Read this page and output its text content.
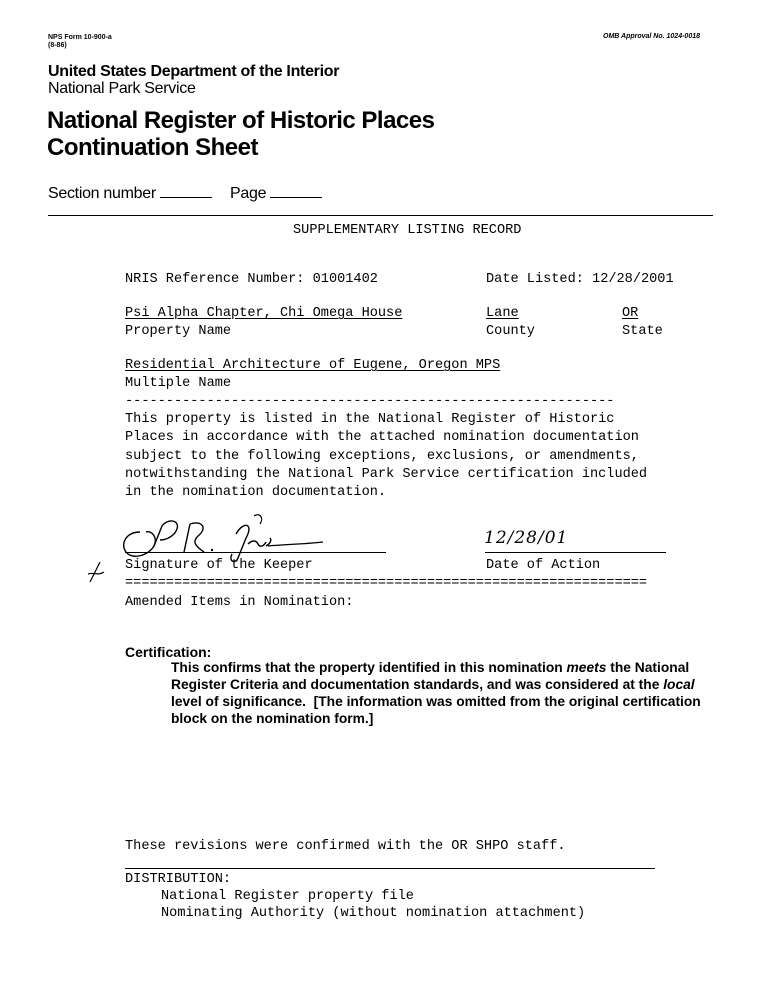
NPS Form 10-900-a
(8-86)
OMB Approval No. 1024-0018
United States Department of the Interior
National Park Service
National Register of Historic Places
Continuation Sheet
Section number	Page
SUPPLEMENTARY LISTING RECORD
NRIS Reference Number: 01001402	Date Listed: 12/28/2001
Psi Alpha Chapter, Chi Omega House	Lane	OR
Property Name	County	State
Residential Architecture of Eugene, Oregon MPS
Multiple Name
------------------------------------------------------------
This property is listed in the National Register of Historic
Places in accordance with the attached nomination documentation
subject to the following exceptions, exclusions, or amendments,
notwithstanding the National Park Service certification included
in the nomination documentation.
12/28/01
Signature of the Keeper	Date of Action
================================================================
Amended Items in Nomination:
Certification:
This confirms that the property identified in this nomination meets the National
Register Criteria and documentation standards, and was considered at the local
level of significance.  [The information was omitted from the original certification
block on the nomination form.]
These revisions were confirmed with the OR SHPO staff.
DISTRIBUTION:
National Register property file
Nominating Authority (without nomination attachment)
